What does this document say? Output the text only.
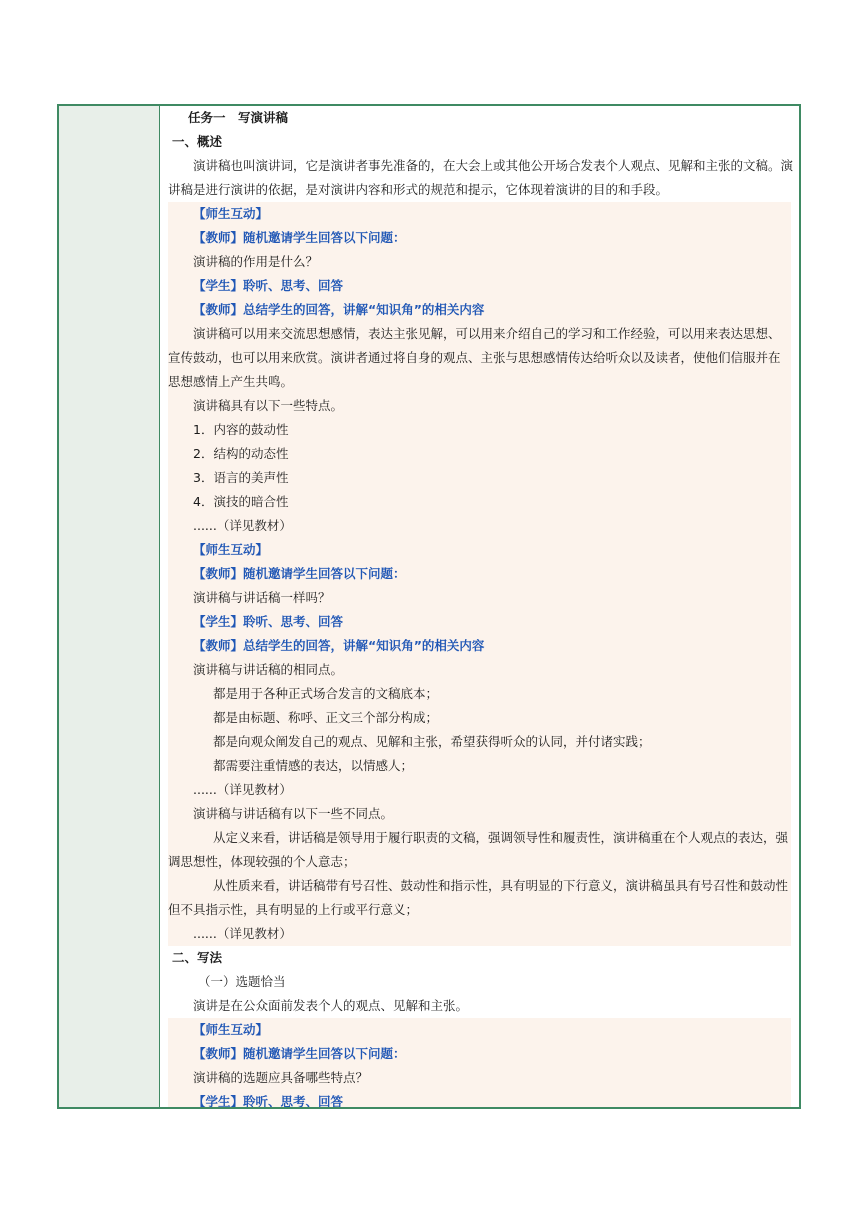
任务一　写演讲稿

一、概述

演讲稿也叫演讲词，它是演讲者事先准备的，在大会上或其他公开场合发表个人观点、见解和主张的文稿。演讲稿是进行演讲的依据，是对演讲内容和形式的规范和提示，它体现着演讲的目的和手段。

【师生互动】

【教师】随机邀请学生回答以下问题：

演讲稿的作用是什么？

【学生】聆听、思考、回答

【教师】总结学生的回答，讲解“知识角”的相关内容

演讲稿可以用来交流思想感情，表达主张见解，可以用来介绍自己的学习和工作经验，可以用来表达思想、宣传鼓动，也可以用来欣赏。演讲者通过将自身的观点、主张与思想感情传达给听众以及读者，使他们信服并在思想感情上产生共鸣。

演讲稿具有以下一些特点。

1．内容的鼓动性

2．结构的动态性

3．语言的美声性

4．演技的暗合性

......（详见教材）

【师生互动】

【教师】随机邀请学生回答以下问题：

演讲稿与讲话稿一样吗？

【学生】聆听、思考、回答

【教师】总结学生的回答，讲解“知识角”的相关内容

演讲稿与讲话稿的相同点。

都是用于各种正式场合发言的文稿底本；

都是由标题、称呼、正文三个部分构成；

都是向观众阐发自己的观点、见解和主张，希望获得听众的认同，并付诸实践；

都需要注重情感的表达，以情感人；

......（详见教材）

演讲稿与讲话稿有以下一些不同点。

从定义来看，讲话稿是领导用于履行职责的文稿，强调领导性和履责性，演讲稿重在个人观点的表达，强调思想性，体现较强的个人意志；

从性质来看，讲话稿带有号召性、鼓动性和指示性，具有明显的下行意义，演讲稿虽具有号召性和鼓动性但不具指示性，具有明显的上行或平行意义；

......（详见教材）

二、写法

（一）选题恰当

演讲是在公众面前发表个人的观点、见解和主张。

【师生互动】

【教师】随机邀请学生回答以下问题：

演讲稿的选题应具备哪些特点？

【学生】聆听、思考、回答
